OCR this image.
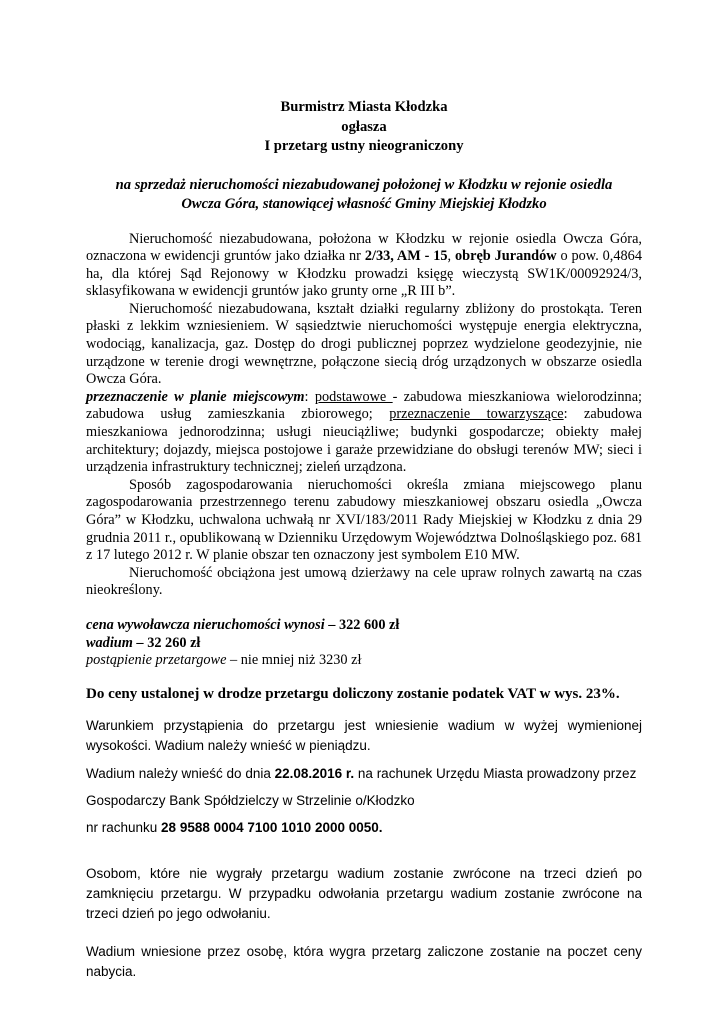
Burmistrz Miasta Kłodzka
ogłasza
I przetarg ustny nieograniczony
na sprzedaż nieruchomości niezabudowanej położonej w Kłodzku w rejonie osiedla
Owcza Góra, stanowiącej własność Gminy Miejskiej Kłodzko

Nieruchomość niezabudowana, położona w Kłodzku w rejonie osiedla Owcza Góra, oznaczona w ewidencji gruntów jako działka nr 2/33, AM - 15, obręb Jurandów o pow. 0,4864 ha, dla której Sąd Rejonowy w Kłodzku prowadzi księgę wieczystą SW1K/00092924/3, sklasyfikowana w ewidencji gruntów jako grunty orne „R III b”.

Nieruchomość niezabudowana, kształt działki regularny zbliżony do prostokąta. Teren płaski z lekkim wzniesieniem. W sąsiedztwie nieruchomości występuje energia elektryczna, wodociąg, kanalizacja, gaz. Dostęp do drogi publicznej poprzez wydzielone geodezyjnie, nie urządzone w terenie drogi wewnętrzne, połączone siecią dróg urządzonych w obszarze osiedla Owcza Góra.

przeznaczenie w planie miejscowym: podstawowe - zabudowa mieszkaniowa wielorodzinna; zabudowa usług zamieszkania zbiorowego; przeznaczenie towarzyszące: zabudowa mieszkaniowa jednorodzinna; usługi nieuciążliwe; budynki gospodarcze; obiekty małej architektury; dojazdy, miejsca postojowe i garaże przewidziane do obsługi terenów MW; sieci i urządzenia infrastruktury technicznej; zieleń urządzona.

Sposób zagospodarowania nieruchomości określa zmiana miejscowego planu zagospodarowania przestrzennego terenu zabudowy mieszkaniowej obszaru osiedla „Owcza Góra” w Kłodzku, uchwalona uchwałą nr XVI/183/2011 Rady Miejskiej w Kłodzku z dnia 29 grudnia 2011 r., opublikowaną w Dzienniku Urzędowym Województwa Dolnośląskiego poz. 681 z 17 lutego 2012 r. W planie obszar ten oznaczony jest symbolem E10 MW.

Nieruchomość obciążona jest umową dzierżawy na cele upraw rolnych zawartą na czas nieokreślony.

cena wywoławcza nieruchomości wynosi – 322 600 zł
wadium – 32 260 zł
postąpienie przetargowe – nie mniej niż 3230 zł

Do ceny ustalonej w drodze przetargu doliczony zostanie podatek VAT w wys. 23%.

Warunkiem przystąpienia do przetargu jest wniesienie wadium w wyżej wymienionej wysokości. Wadium należy wnieść w pieniądzu.

Wadium należy wnieść do dnia 22.08.2016 r. na rachunek Urzędu Miasta prowadzony przez

Gospodarczy Bank Spółdzielczy w Strzelinie o/Kłodzko

nr rachunku 28 9588 0004 7100 1010 2000 0050.

Osobom, które nie wygrały przetargu wadium zostanie zwrócone na trzeci dzień po zamknięciu przetargu. W przypadku odwołania przetargu wadium zostanie zwrócone na trzeci dzień po jego odwołaniu.

Wadium wniesione przez osobę, która wygra przetarg zaliczone zostanie na poczet ceny nabycia.
